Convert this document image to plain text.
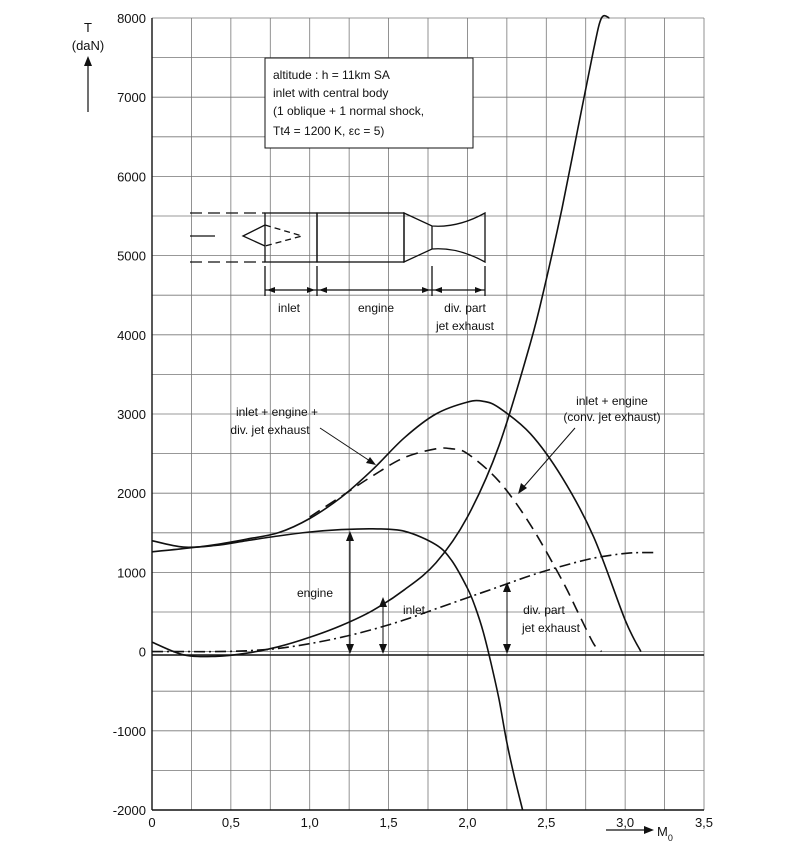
0	0,5	1,0	1,5	2,0	2,5	3,0	3,5
-2000
-1000
0
1000
2000
3000
4000
5000
6000
7000
8000
T
(daN)
$M_0$
altitude : h = 11km SA
inlet with central body
(1 oblique + 1 normal shock,
Tt4 = 1200 K, εc = 5)
inlet	engine	div. part
jet exhaust
inlet + engine +
div. jet exhaust
inlet + engine
(conv. jet exhaust)
engine
inlet	div. part
jet exhaust
